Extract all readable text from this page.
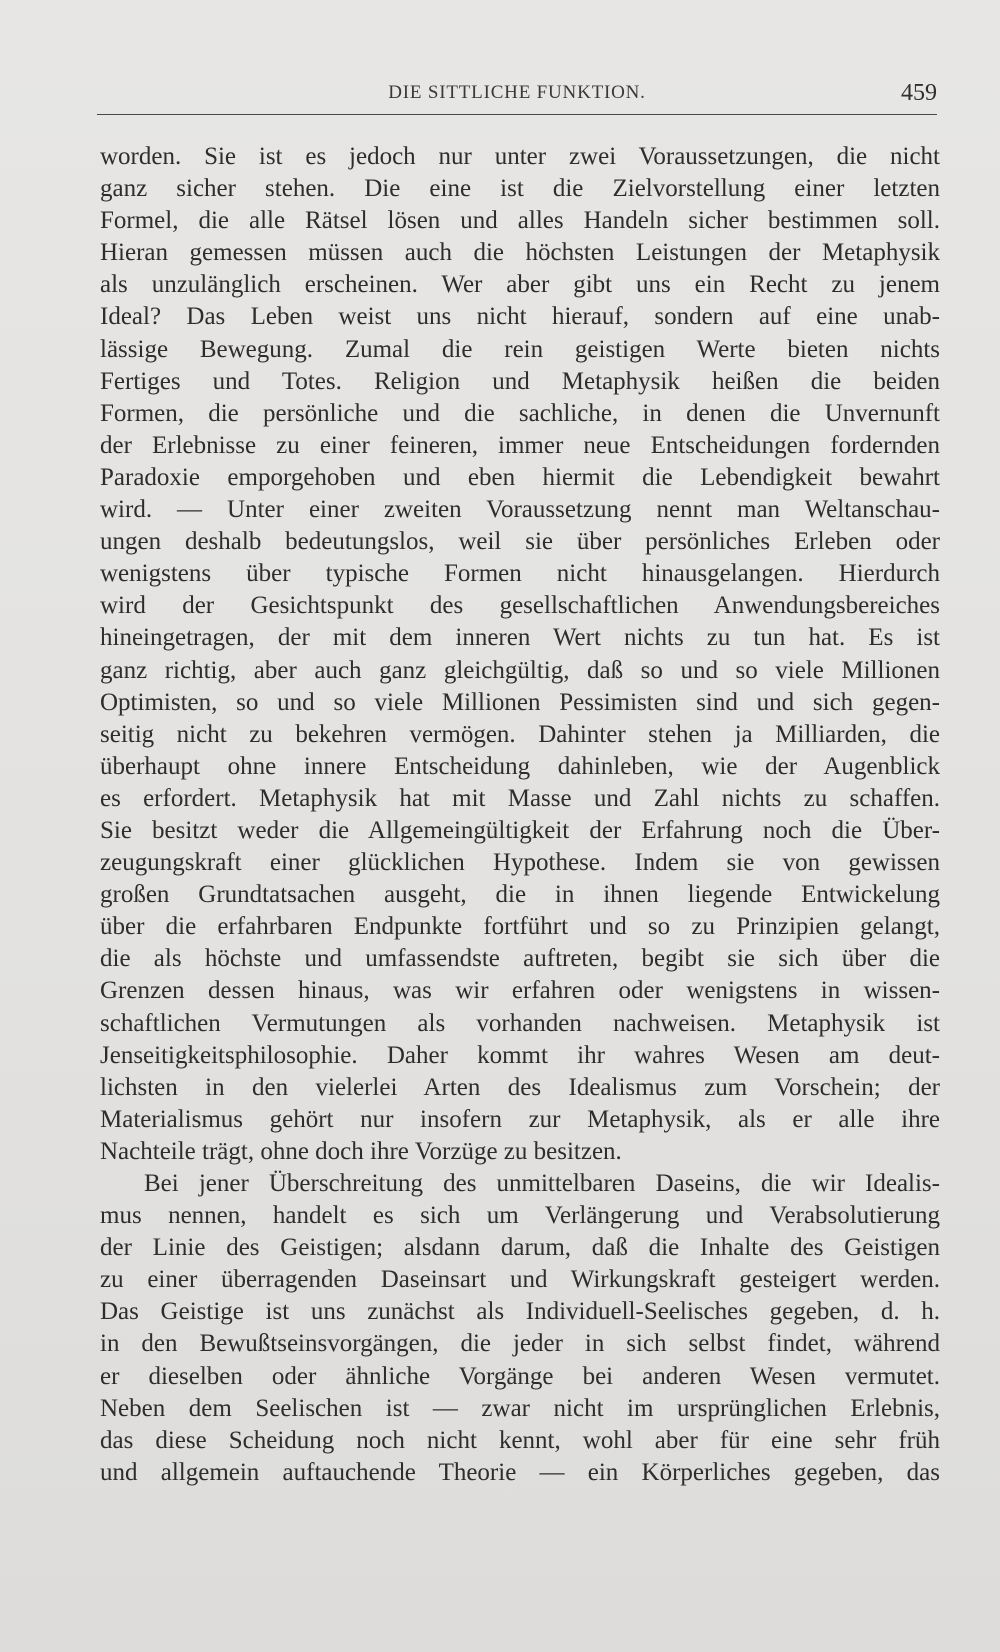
DIE SITTLICHE FUNKTION.	459
worden. Sie ist es jedoch nur unter zwei Voraussetzungen, die nicht
ganz sicher stehen. Die eine ist die Zielvorstellung einer letzten
Formel, die alle Rätsel lösen und alles Handeln sicher bestimmen soll.
Hieran gemessen müssen auch die höchsten Leistungen der Metaphysik
als unzulänglich erscheinen. Wer aber gibt uns ein Recht zu jenem
Ideal? Das Leben weist uns nicht hierauf, sondern auf eine unab-
lässige Bewegung. Zumal die rein geistigen Werte bieten nichts
Fertiges und Totes. Religion und Metaphysik heißen die beiden
Formen, die persönliche und die sachliche, in denen die Unvernunft
der Erlebnisse zu einer feineren, immer neue Entscheidungen fordernden
Paradoxie emporgehoben und eben hiermit die Lebendigkeit bewahrt
wird. — Unter einer zweiten Voraussetzung nennt man Weltanschau-
ungen deshalb bedeutungslos, weil sie über persönliches Erleben oder
wenigstens über typische Formen nicht hinausgelangen. Hierdurch
wird der Gesichtspunkt des gesellschaftlichen Anwendungsbereiches
hineingetragen, der mit dem inneren Wert nichts zu tun hat. Es ist
ganz richtig, aber auch ganz gleichgültig, daß so und so viele Millionen
Optimisten, so und so viele Millionen Pessimisten sind und sich gegen-
seitig nicht zu bekehren vermögen. Dahinter stehen ja Milliarden, die
überhaupt ohne innere Entscheidung dahinleben, wie der Augenblick
es erfordert. Metaphysik hat mit Masse und Zahl nichts zu schaffen.
Sie besitzt weder die Allgemeingültigkeit der Erfahrung noch die Über-
zeugungskraft einer glücklichen Hypothese. Indem sie von gewissen
großen Grundtatsachen ausgeht, die in ihnen liegende Entwickelung
über die erfahrbaren Endpunkte fortführt und so zu Prinzipien gelangt,
die als höchste und umfassendste auftreten, begibt sie sich über die
Grenzen dessen hinaus, was wir erfahren oder wenigstens in wissen-
schaftlichen Vermutungen als vorhanden nachweisen. Metaphysik ist
Jenseitigkeitsphilosophie. Daher kommt ihr wahres Wesen am deut-
lichsten in den vielerlei Arten des Idealismus zum Vorschein; der
Materialismus gehört nur insofern zur Metaphysik, als er alle ihre
Nachteile trägt, ohne doch ihre Vorzüge zu besitzen.
Bei jener Überschreitung des unmittelbaren Daseins, die wir Idealis-
mus nennen, handelt es sich um Verlängerung und Verabsolutierung
der Linie des Geistigen; alsdann darum, daß die Inhalte des Geistigen
zu einer überragenden Daseinsart und Wirkungskraft gesteigert werden.
Das Geistige ist uns zunächst als Individuell-Seelisches gegeben, d. h.
in den Bewußtseinsvorgängen, die jeder in sich selbst findet, während
er dieselben oder ähnliche Vorgänge bei anderen Wesen vermutet.
Neben dem Seelischen ist — zwar nicht im ursprünglichen Erlebnis,
das diese Scheidung noch nicht kennt, wohl aber für eine sehr früh
und allgemein auftauchende Theorie — ein Körperliches gegeben, das
